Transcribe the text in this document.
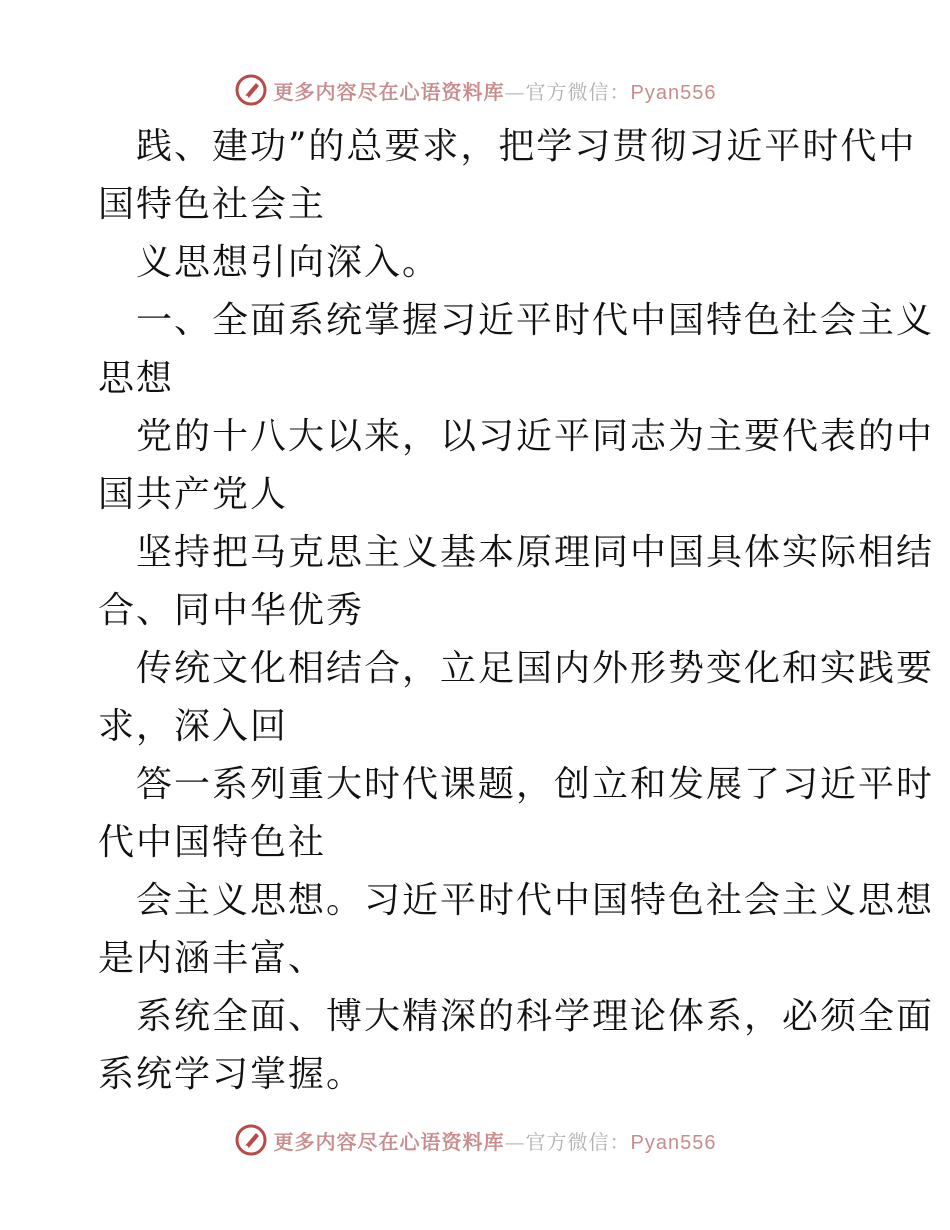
更多内容尽在心语资料库—官方微信：Pyan556
践、建功”的总要求，把学习贯彻习近平时代中
国特色社会主
义思想引向深入。
一、全面系统掌握习近平时代中国特色社会主义
思想
党的十八大以来，以习近平同志为主要代表的中
国共产党人
坚持把马克思主义基本原理同中国具体实际相结
合、同中华优秀
传统文化相结合，立足国内外形势变化和实践要
求，深入回
答一系列重大时代课题，创立和发展了习近平时
代中国特色社
会主义思想。习近平时代中国特色社会主义思想
是内涵丰富、
系统全面、博大精深的科学理论体系，必须全面
系统学习掌握。
更多内容尽在心语资料库—官方微信：Pyan556
